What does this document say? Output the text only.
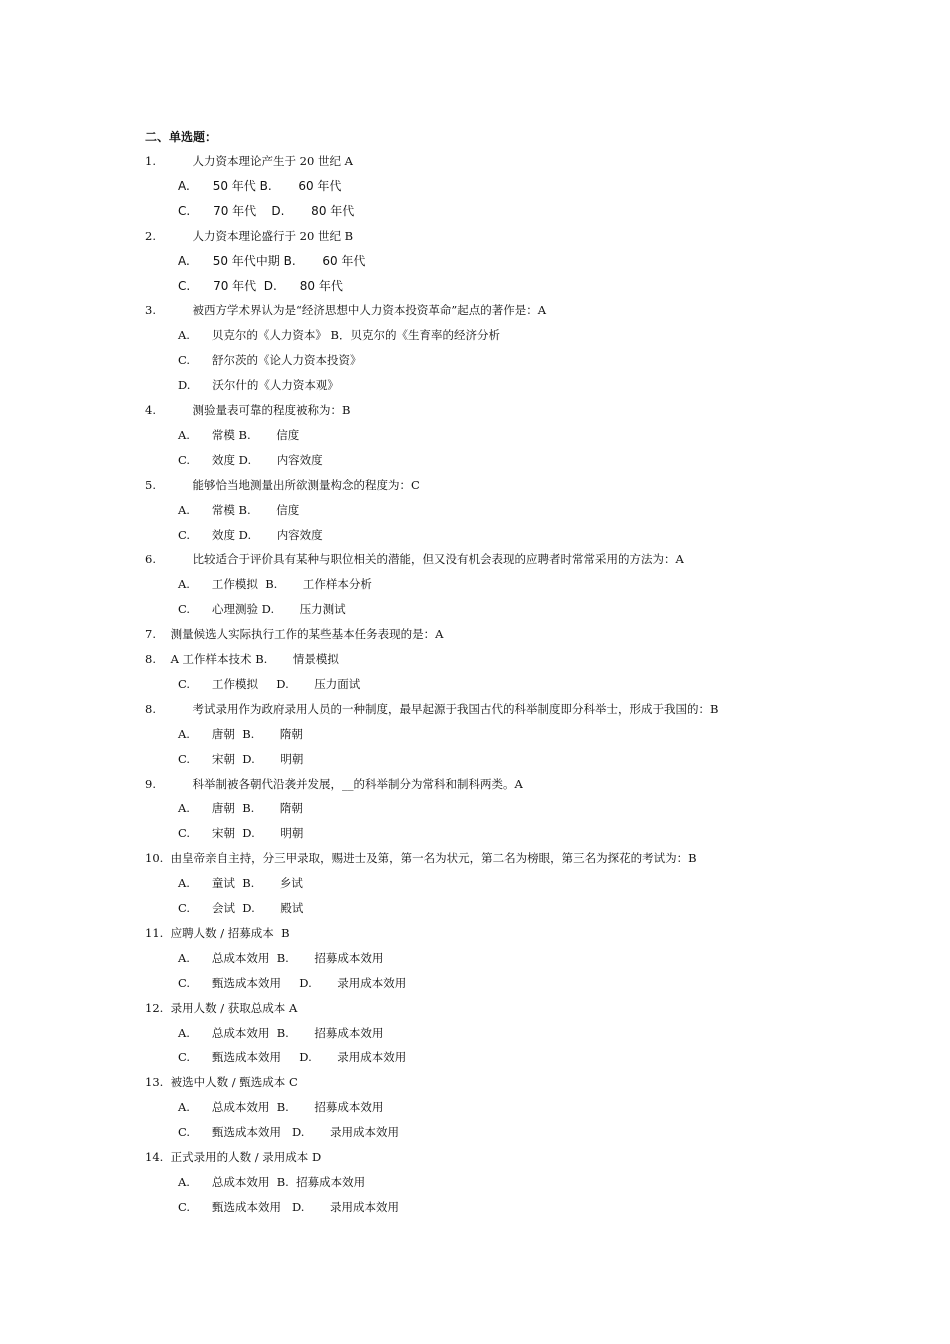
二、单选题：
1.          人力资本理论产生于 20 世纪 A
A.      50 年代 B.       60 年代
C.      70 年代    D.       80 年代
2.          人力资本理论盛行于 20 世纪 B
A.      50 年代中期 B.       60 年代
C.      70 年代  D.      80 年代
3.          被西方学术界认为是“经济思想中人力资本投资革命”起点的著作是：A
A.      贝克尔的《人力资本》 B．贝克尔的《生育率的经济分析
C.      舒尔茨的《论人力资本投资》
D.      沃尔什的《人力资本观》
4.          测验量表可靠的程度被称为：B
A.      常模 B.       信度
C.      效度 D.       内容效度
5.          能够恰当地测量出所欲测量构念的程度为：C
A.      常模 B.       信度
C.      效度 D.       内容效度
6.          比较适合于评价具有某种与职位相关的潜能，但又没有机会表现的应聘者时常常采用的方法为：A
A.      工作模拟  B.       工作样本分析
C.      心理测验 D.       压力测试
7.    测量候选人实际执行工作的某些基本任务表现的是：A
8.    A 工作样本技术 B.       情景模拟
C.      工作模拟     D.       压力面试
8.          考试录用作为政府录用人员的一种制度，最早起源于我国古代的科举制度即分科举士，形成于我国的：B
A.      唐朝  B.       隋朝
C.      宋朝  D.       明朝
9.          科举制被各朝代沿袭并发展，__的科举制分为常科和制科两类。A
A.      唐朝  B.       隋朝
C.      宋朝  D.       明朝
10.  由皇帝亲自主持，分三甲录取，赐进士及第，第一名为状元，第二名为榜眼，第三名为探花的考试为：B
A.      童试  B.       乡试
C.      会试  D.       殿试
11.  应聘人数 / 招募成本  B
A.      总成本效用  B.       招募成本效用
C.      甄选成本效用     D.       录用成本效用
12.  录用人数 / 获取总成本 A
A.      总成本效用  B.       招募成本效用
C.      甄选成本效用     D.       录用成本效用
13.  被选中人数 / 甄选成本 C
A.      总成本效用  B.       招募成本效用
C.      甄选成本效用   D.       录用成本效用
14.  正式录用的人数 / 录用成本 D
A.      总成本效用  B.  招募成本效用
C.      甄选成本效用   D.       录用成本效用
